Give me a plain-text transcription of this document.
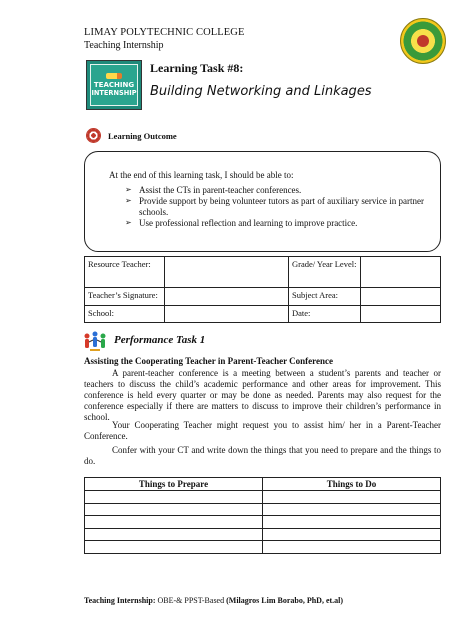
LIMAY POLYTECHNIC COLLEGE
Teaching Internship
TEACHING
INTERNSHIP
Learning Task #8:
Building Networking and Linkages
Learning Outcome
At the end of this learning task, I should be able to:
➢ Assist the CTs in parent-teacher conferences.
➢ Provide support by being volunteer tutors as part of auxiliary service in partner schools.
➢ Use professional reflection and learning to improve practice.
Resource Teacher:		Grade/ Year Level:	
Teacher’s Signature:		Subject Area:	
School:		Date:	
Performance Task 1
Assisting the Cooperating Teacher in Parent-Teacher Conference
A parent-teacher conference is a meeting between a student’s parents and teacher or teachers to discuss the child’s academic performance and other areas for improvement. This conference is held every quarter or may be done as needed. Parents may also request for the conference especially if there are matters to discuss to improve their children’s performance in school.
Your Cooperating Teacher might request you to assist him/ her in a Parent-Teacher Conference.
Confer with your CT and write down the things that you need to prepare and the things to do.
Things to Prepare	Things to Do

Teaching Internship: OBE-& PPST-Based (Milagros Lim Borabo, PhD, et.al)
